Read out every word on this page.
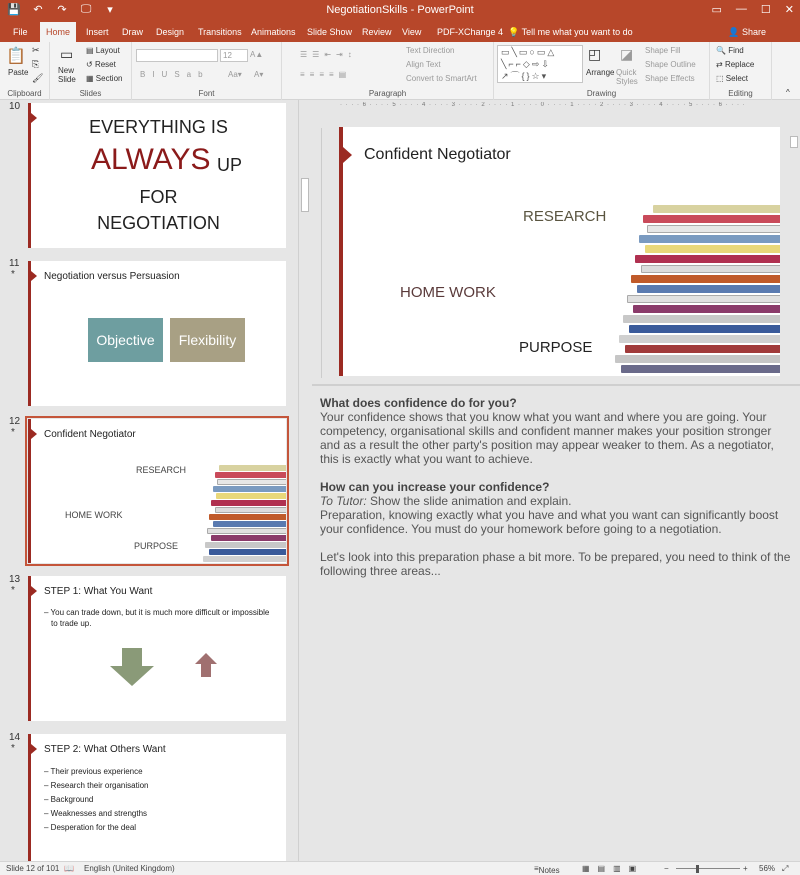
💾	↶	↷	🖵	▾	NegotiationSkills - PowerPoint	▭ — ☐ ✕
File	Home	Insert Draw Design Transitions Animations Slide Show Review View PDF-XChange 4 💡 Tell me what you want to do	👤 Share
📋
Paste
✂
⎘
🖌
Clipboard
▭
New Slide
▤ Layout
↺ Reset
▦ Section
Slides	Font
12	A▲
BIUSab Aa▾ A▾
Paragraph
☰☰⇤⇥↕
≡≡≡≡▤
Text Direction
Align Text
Convert to SmartArt
Drawing
▭╲▭○▭△
╲⌐⌐◇⇨⇩
↗⌒{}☆▾
◰
Arrange
◪
Quick Styles
Shape Fill
Shape Outline
Shape Effects
🔍 Find
⇄ Replace
⬚ Select
Editing	^
10
EVERYTHING IS
ALWAYS UP
FOR
NEGOTIATION
11
*	Negotiation versus Persuasion
Objective	Flexibility
12
*	Confident Negotiator
RESEARCH
HOME WORK
PURPOSE
13
*	STEP 1: What You Want
– You can trade down, but it is much more difficult or impossible to trade up.
14
*	STEP 2: What Others Want
– Their previous experience
– Research their organisation
– Background
– Weaknesses and strengths
– Desperation for the deal
· · · · 6 · · · · 5 · · · · 4 · · · · 3 · · · · 2 · · · · 1 · · · · 0 · · · · 1 · · · · 2 · · · · 3 · · · · 4 · · · · 5 · · · · 6 · · · ·
Confident Negotiator
RESEARCH
HOME WORK
PURPOSE

What does confidence do for you?

Your confidence shows that you know what you want and where you are going. Your competency, organisational skills and confident manner makes your position stronger and as a result the other party's position may appear weaker to them. As a negotiator, this is exactly what you want to achieve.

How can you increase your confidence?

To Tutor: Show the slide animation and explain.

Preparation, knowing exactly what you have and what you want can significantly boost your confidence. You must do your homework before going to a negotiation.

Let's look into this preparation phase a bit more. To be prepared, you need to think of the following three areas...

Slide 12 of 101 📖 English (United Kingdom)	≡ Notes	▦▤▥▣ −	+ 56% ⤢
